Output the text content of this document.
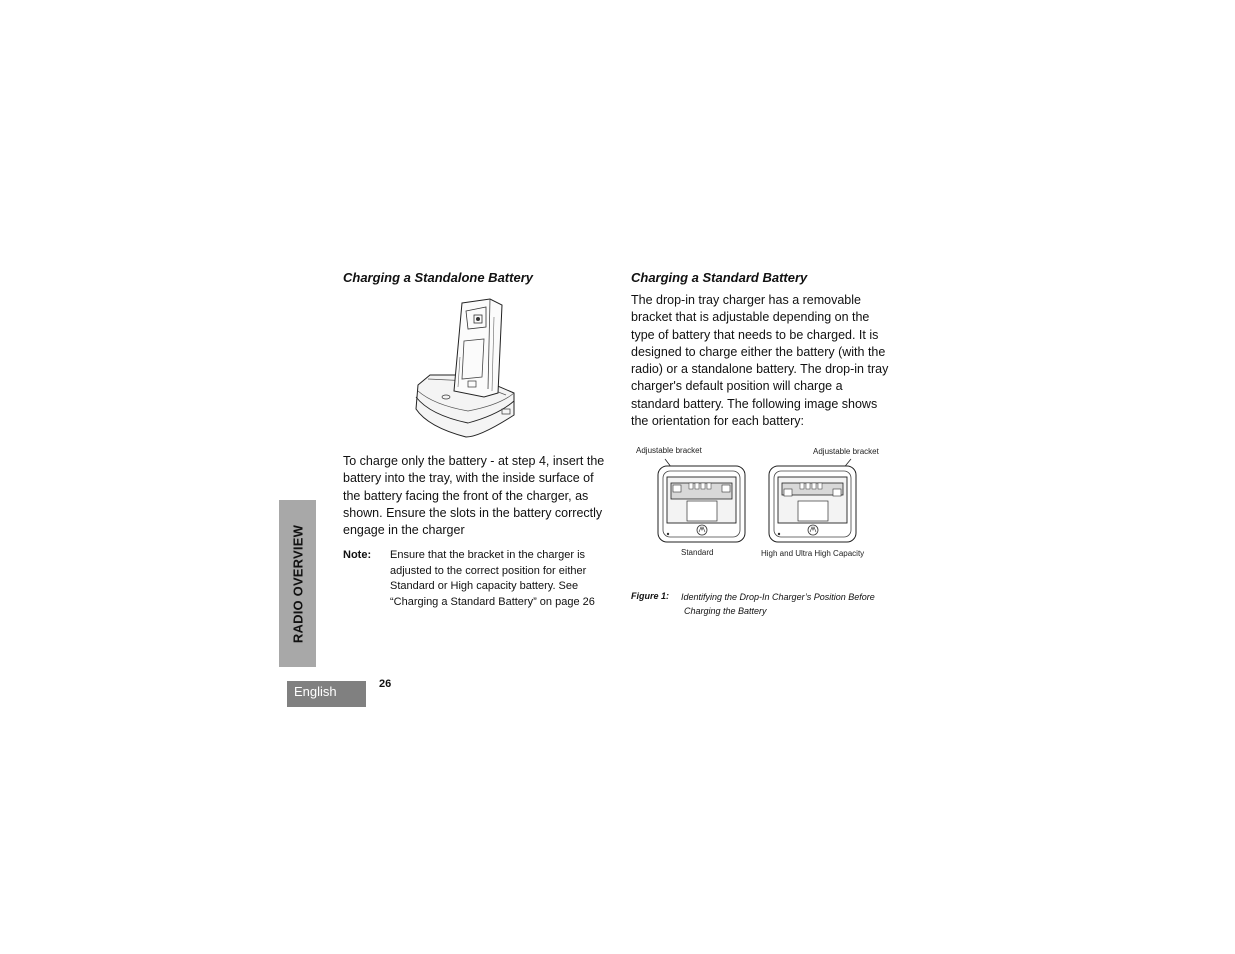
RADIO OVERVIEW
English	26
Charging a Standalone Battery
To charge only the battery - at step 4, insert the battery into the tray, with the inside surface of the battery facing the front of the charger, as shown. Ensure the slots in the battery correctly engage in the charger
Note: Ensure that the bracket in the charger is adjusted to the correct position for either Standard or High capacity battery. See “Charging a Standard Battery” on page 26
Charging a Standard Battery
The drop-in tray charger has a removable bracket that is adjustable depending on the type of battery that needs to be charged. It is designed to charge either the battery (with the radio) or a standalone battery. The drop-in tray charger's default position will charge a standard battery. The following image shows the orientation for each battery:
Adjustable bracket	Adjustable bracket
Standard	High and Ultra High Capacity
Figure 1: Identifying the Drop-In Charger’s Position Before
Charging the Battery
